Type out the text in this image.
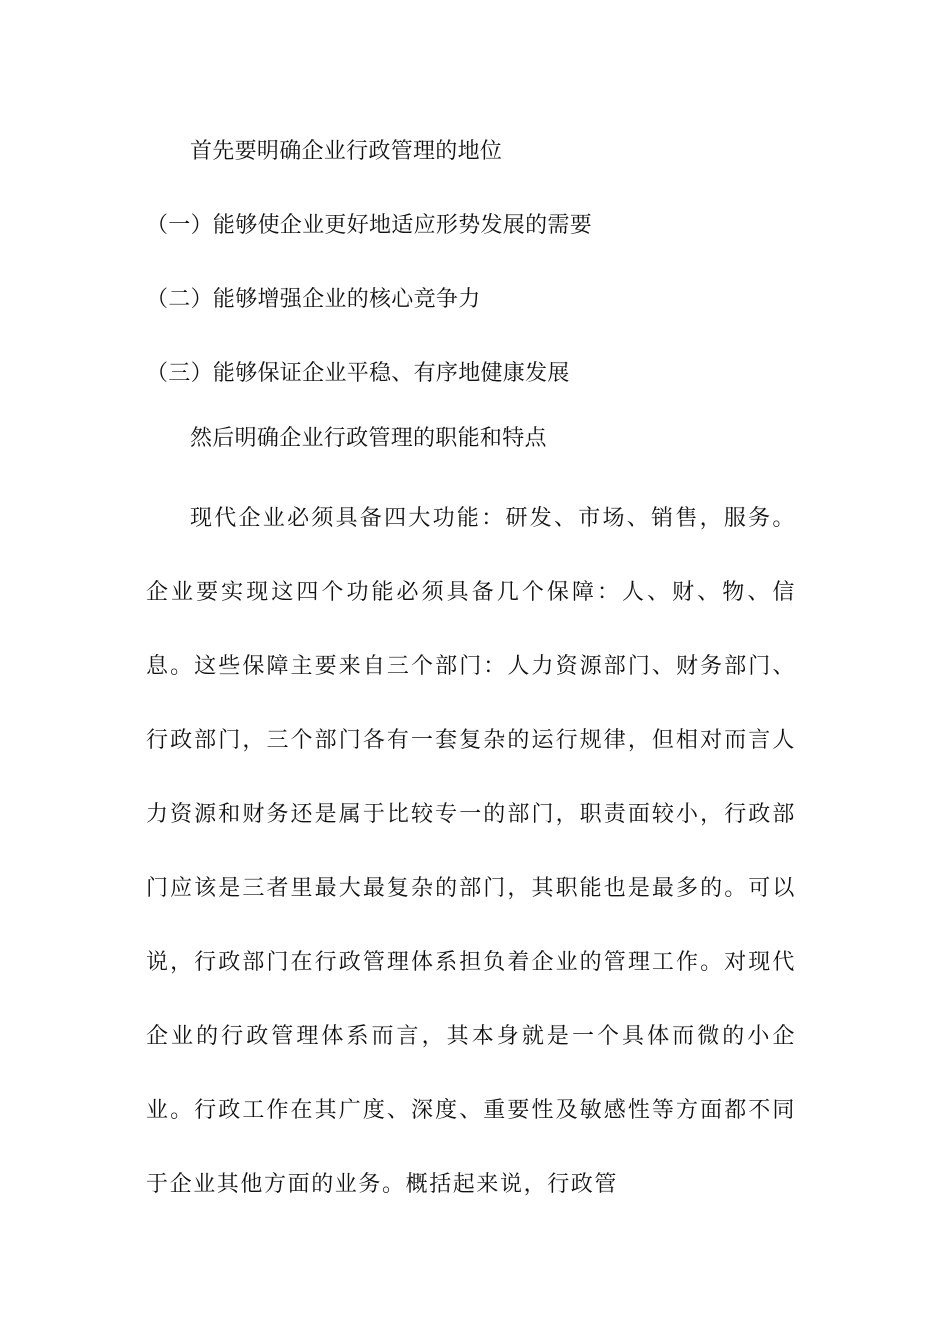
首先要明确企业行政管理的地位
（一）能够使企业更好地适应形势发展的需要
（二）能够增强企业的核心竞争力
（三）能够保证企业平稳、有序地健康发展
然后明确企业行政管理的职能和特点

现代企业必须具备四大功能：研发、市场、销售，服务。企业要实现这四个功能必须具备几个保障：人、财、物、信息。这些保障主要来自三个部门：人力资源部门、财务部门、行政部门，三个部门各有一套复杂的运行规律，但相对而言人力资源和财务还是属于比较专一的部门，职责面较小，行政部门应该是三者里最大最复杂的部门，其职能也是最多的。可以说，行政部门在行政管理体系担负着企业的管理工作。对现代企业的行政管理体系而言，其本身就是一个具体而微的小企业。行政工作在其广度、深度、重要性及敏感性等方面都不同于企业其他方面的业务。概括起来说，行政管
